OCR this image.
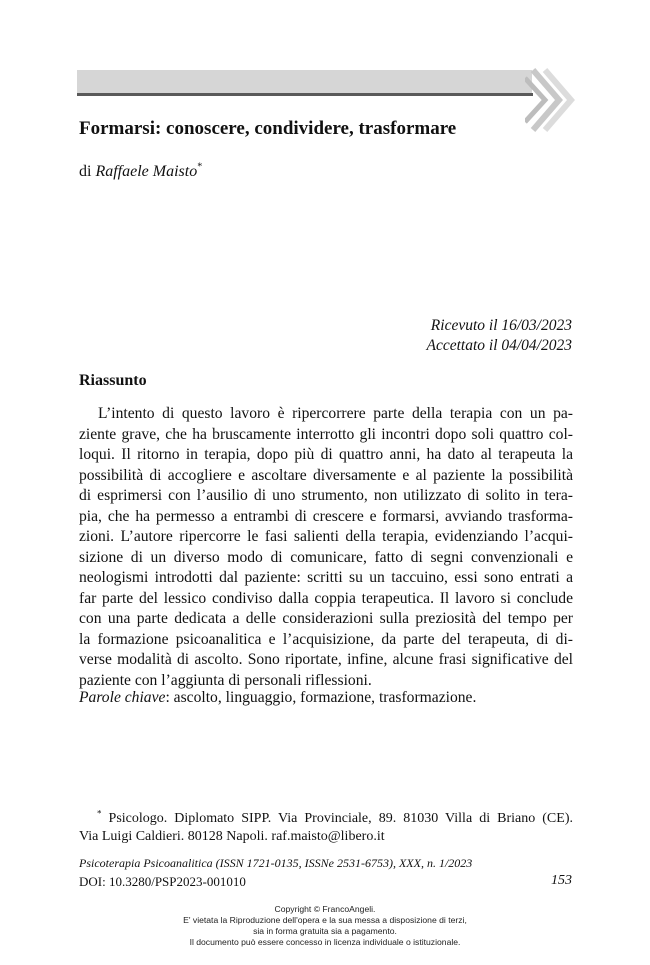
Formarsi: conoscere, condividere, trasformare
di Raffaele Maisto*
Ricevuto il 16/03/2023
Accettato il 04/04/2023
Riassunto
L’intento di questo lavoro è ripercorrere parte della terapia con un pa-
ziente grave, che ha bruscamente interrotto gli incontri dopo soli quattro col-
loqui. Il ritorno in terapia, dopo più di quattro anni, ha dato al terapeuta la
possibilità di accogliere e ascoltare diversamente e al paziente la possibilità
di esprimersi con l’ausilio di uno strumento, non utilizzato di solito in tera-
pia, che ha permesso a entrambi di crescere e formarsi, avviando trasforma-
zioni. L’autore ripercorre le fasi salienti della terapia, evidenziando l’acqui-
sizione di un diverso modo di comunicare, fatto di segni convenzionali e
neologismi introdotti dal paziente: scritti su un taccuino, essi sono entrati a
far parte del lessico condiviso dalla coppia terapeutica. Il lavoro si conclude
con una parte dedicata a delle considerazioni sulla preziosità del tempo per
la formazione psicoanalitica e l’acquisizione, da parte del terapeuta, di di-
verse modalità di ascolto. Sono riportate, infine, alcune frasi significative del
paziente con l’aggiunta di personali riflessioni.
Parole chiave: ascolto, linguaggio, formazione, trasformazione.
* Psicologo. Diplomato SIPP. Via Provinciale, 89. 81030 Villa di Briano (CE).
Via Luigi Caldieri. 80128 Napoli. raf.maisto@libero.it
Psicoterapia Psicoanalitica (ISSN 1721-0135, ISSNe 2531-6753), XXX, n. 1/2023
DOI: 10.3280/PSP2023-001010	153
Copyright © FrancoAngeli.
E' vietata la Riproduzione dell'opera e la sua messa a disposizione di terzi,
sia in forma gratuita sia a pagamento.
Il documento può essere concesso in licenza individuale o istituzionale.
